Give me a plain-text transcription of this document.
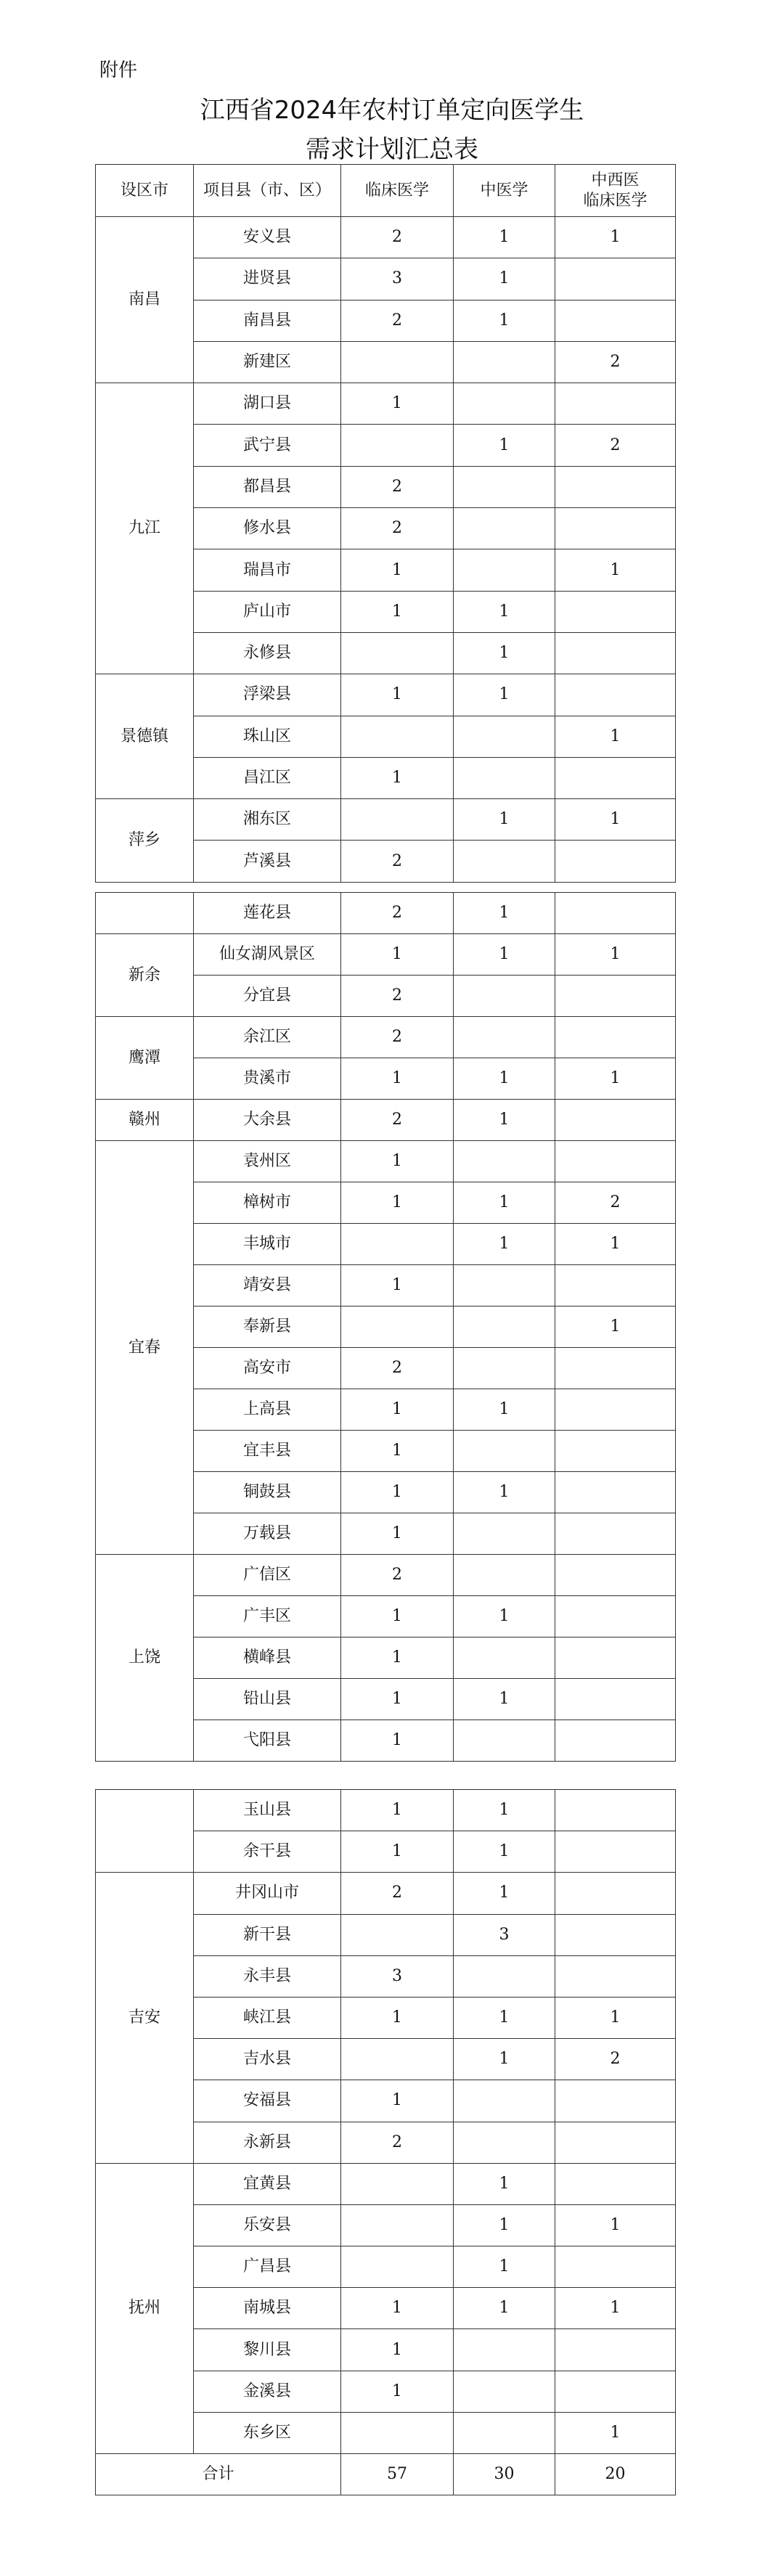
附件
江西省2024年农村订单定向医学生
需求计划汇总表
设区市	项目县（市、区）	临床医学	中医学	中西医
临床医学
南昌	安义县	2	1	1
	进贤县	3	1	
	南昌县	2	1	
	新建区			2
九江	湖口县	1		
	武宁县		1	2
	都昌县	2		
	修水县	2		
	瑞昌市	1		1
	庐山市	1	1	
	永修县		1	
景德镇	浮梁县	1	1	
	珠山区			1
	昌江区	1		
萍乡	湘东区		1	1
	芦溪县	2		
	莲花县	2	1	
新余	仙女湖风景区	1	1	1
	分宜县	2		
鹰潭	余江区	2		
	贵溪市	1	1	1
赣州	大余县	2	1	
宜春	袁州区	1		
	樟树市	1	1	2
	丰城市		1	1
	靖安县	1		
	奉新县			1
	高安市	2		
	上高县	1	1	
	宜丰县	1		
	铜鼓县	1	1	
	万载县	1		
上饶	广信区	2		
	广丰区	1	1	
	横峰县	1		
	铅山县	1	1	
	弋阳县	1		
	玉山县	1	1	
	余干县	1	1	
吉安	井冈山市	2	1	
	新干县		3	
	永丰县	3		
	峡江县	1	1	1
	吉水县		1	2
	安福县	1		
	永新县	2		
抚州	宜黄县		1	
	乐安县		1	1
	广昌县		1	
	南城县	1	1	1
	黎川县	1		
	金溪县	1		
	东乡区			1
合计		57	30	20
